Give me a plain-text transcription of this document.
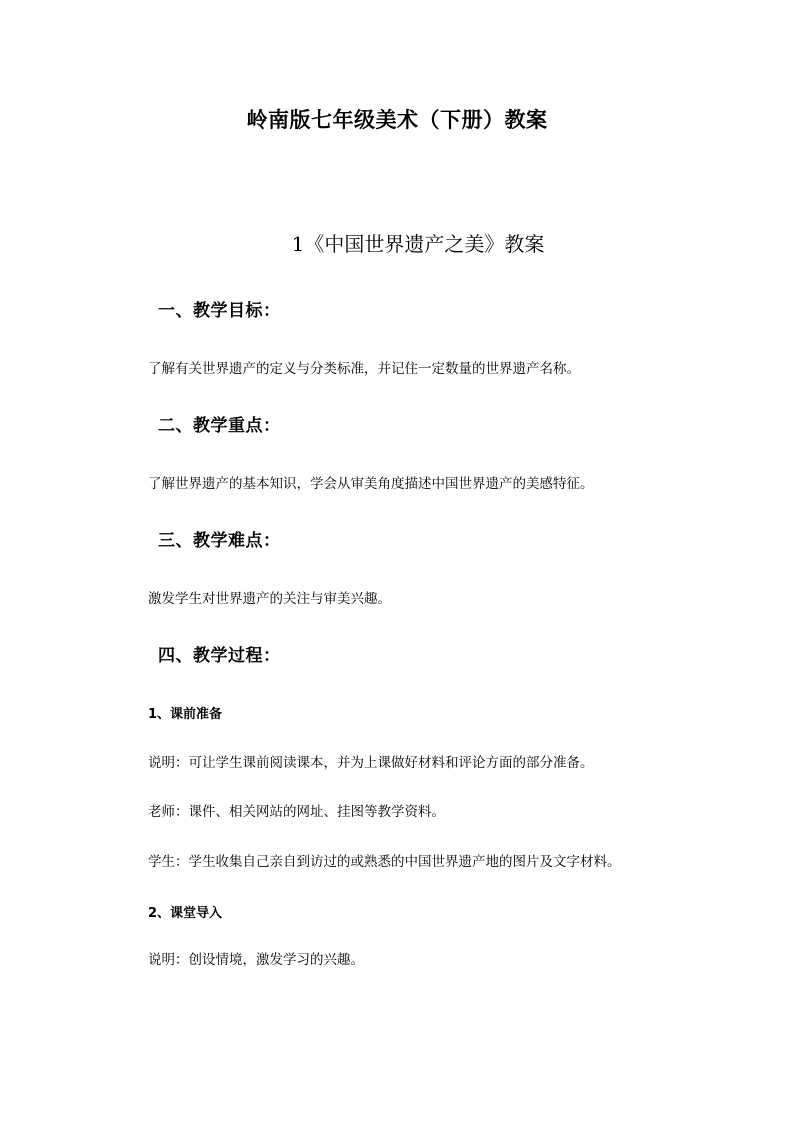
岭南版七年级美术（下册）教案
1《中国世界遗产之美》教案
一、教学目标：
了解有关世界遗产的定义与分类标准，并记住一定数量的世界遗产名称。
二、教学重点：
了解世界遗产的基本知识，学会从审美角度描述中国世界遗产的美感特征。
三、教学难点：
激发学生对世界遗产的关注与审美兴趣。
四、教学过程：
1、课前准备
说明：可让学生课前阅读课本，并为上课做好材料和评论方面的部分准备。
老师：课件、相关网站的网址、挂图等教学资料。
学生：学生收集自己亲自到访过的或熟悉的中国世界遗产地的图片及文字材料。
2、课堂导入
说明：创设情境，激发学习的兴趣。
